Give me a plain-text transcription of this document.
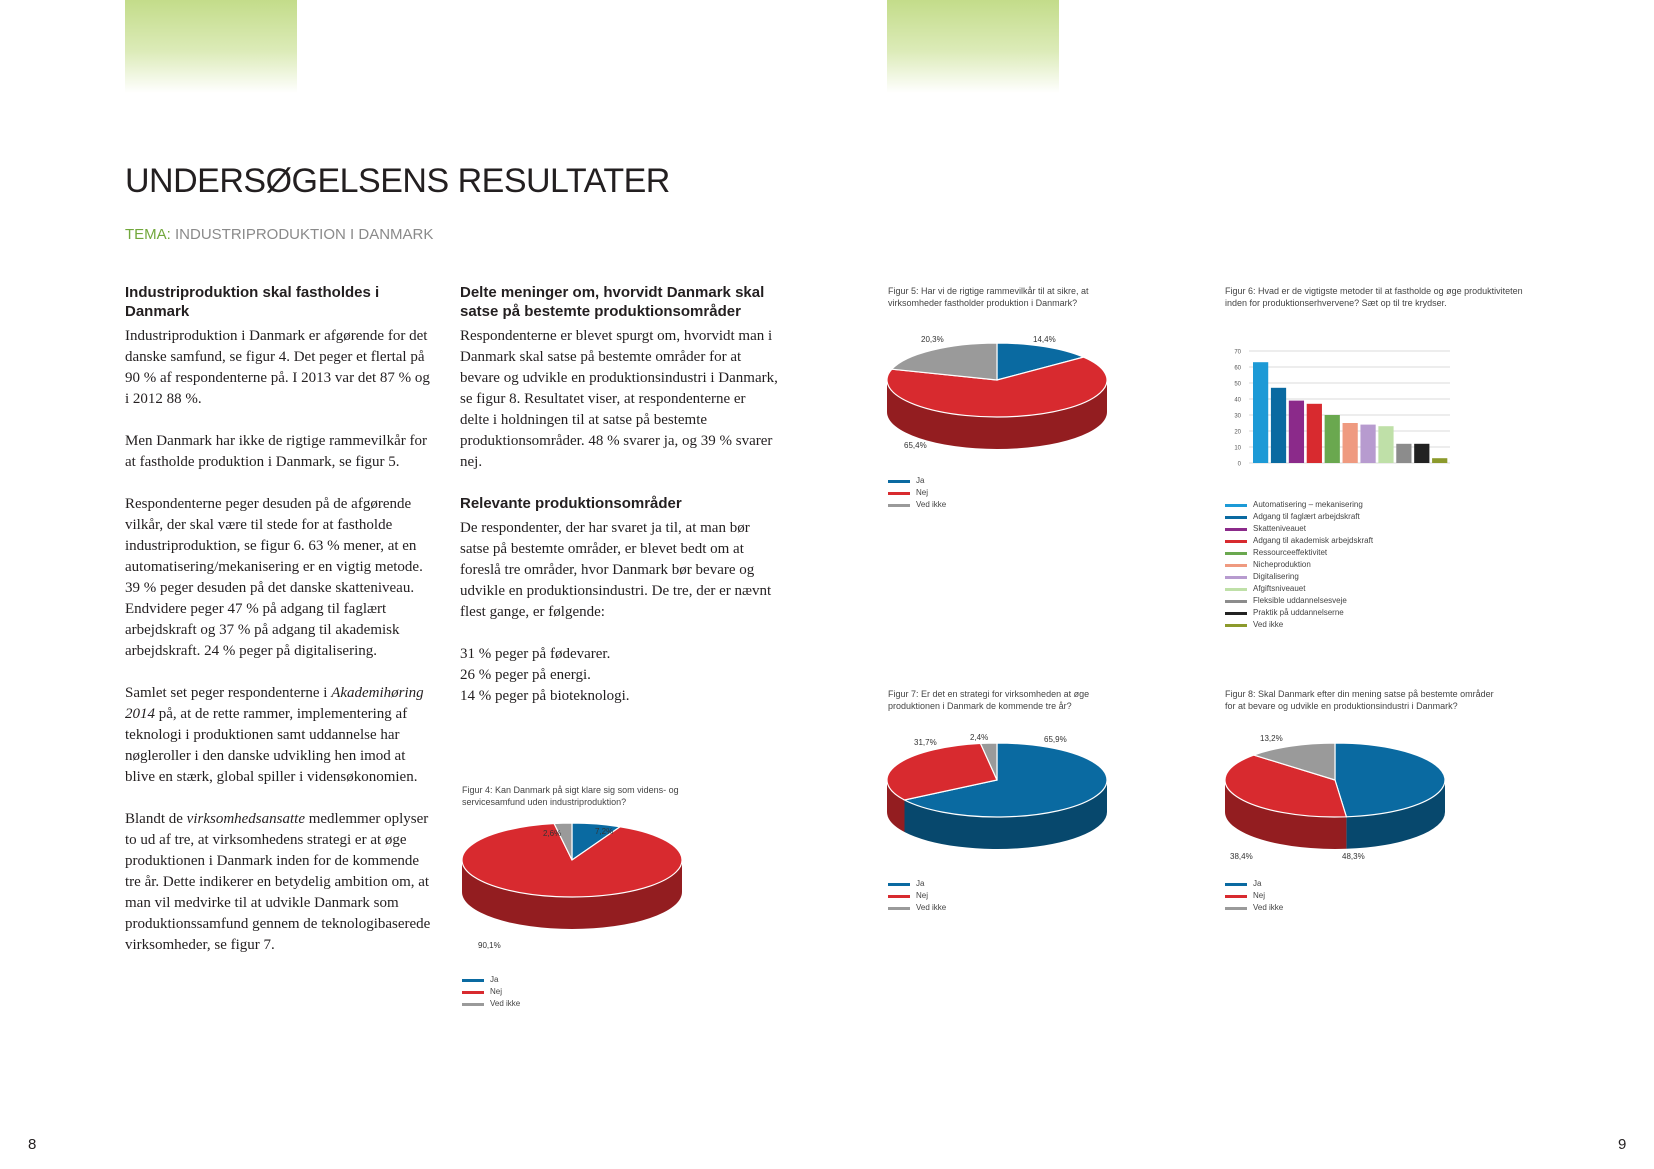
UNDERSØGELSENS RESULTATER
TEMA: INDUSTRIPRODUKTION I DANMARK
Industriproduktion skal fastholdes i Danmark

Industriproduktion i Danmark er afgørende for det danske samfund, se figur 4. Det peger et flertal på 90 % af respondenterne på. I 2013 var det 87 % og i 2012 88 %.

Men Danmark har ikke de rigtige rammevilkår for at fastholde produktion i Danmark, se figur 5.

Respondenterne peger desuden på de afgørende vilkår, der skal være til stede for at fastholde industriproduktion, se figur 6. 63 % mener, at en automatisering/mekanisering er en vigtig metode. 39 % peger desuden på det danske skatteniveau. Endvidere peger 47 % på adgang til faglært arbejdskraft og 37 % på adgang til akademisk arbejdskraft. 24 % peger på digitalisering.

Samlet set peger respondenterne i Akademihøring 2014 på, at de rette rammer, implementering af teknologi i produktionen samt uddannelse har nøgleroller i den danske udvikling hen imod at blive en stærk, global spiller i vidensøkonomien.

Blandt de virksomhedsansatte medlemmer oplyser to ud af tre, at virksomhedens strategi er at øge produktionen i Danmark inden for de kommende tre år. Dette indikerer en betydelig ambition om, at man vil medvirke til at udvikle Danmark som produktionssamfund gennem de teknologibaserede virksomheder, se figur 7.

Delte meninger om, hvorvidt Danmark skal satse på bestemte produktionsområder

Respondenterne er blevet spurgt om, hvorvidt man i Danmark skal satse på bestemte områder for at bevare og udvikle en produktionsindustri i Danmark, se figur 8. Resultatet viser, at respondenterne er delte i holdningen til at satse på bestemte produktionsområder. 48 % svarer ja, og 39 % svarer nej.

Relevante produktionsområder

De respondenter, der har svaret ja til, at man bør satse på bestemte områder, er blevet bedt om at foreslå tre områder, hvor Danmark bør bevare og udvikle en produktionsindustri. De tre, der er nævnt flest gange, er følgende:

31 % peger på fødevarer.
26 % peger på energi.
14 % peger på bioteknologi.

Figur 4: Kan Danmark på sigt klare sig som videns- og servicesamfund uden industriproduktion?
Figur 5: Har vi de rigtige rammevilkår til at sikre, at virksomheder fastholder produktion i Danmark?
Figur 6: Hvad er de vigtigste metoder til at fastholde og øge produktiviteten inden for produktionserhvervene? Sæt op til tre krydser.
Figur 7: Er det en strategi for virksomheden at øge produktionen i Danmark de kommende tre år?
Figur 8: Skal Danmark efter din mening satse på bestemte områder for at bevare og udvikle en produktionsindustri i Danmark?
7,2%
2,6%
90,1%
14,4%
20,3%
65,4%
65,9%
2,4%
31,7%	13,2%
38,4%	48,3%
Ja
Nej
Ved ikke
Ja
Nej
Ved ikke
Ja
Nej
Ved ikke
Ja
Nej
Ved ikke
0
10
20
30
40
50
60
70
Automatisering – mekanisering
Adgang til faglært arbejdskraft
Skatteniveauet
Adgang til akademisk arbejdskraft
Ressourceeffektivitet
Nicheproduktion
Digitalisering
Afgiftsniveauet
Fleksible uddannelsesveje
Praktik på uddannelserne
Ved ikke
8	9
